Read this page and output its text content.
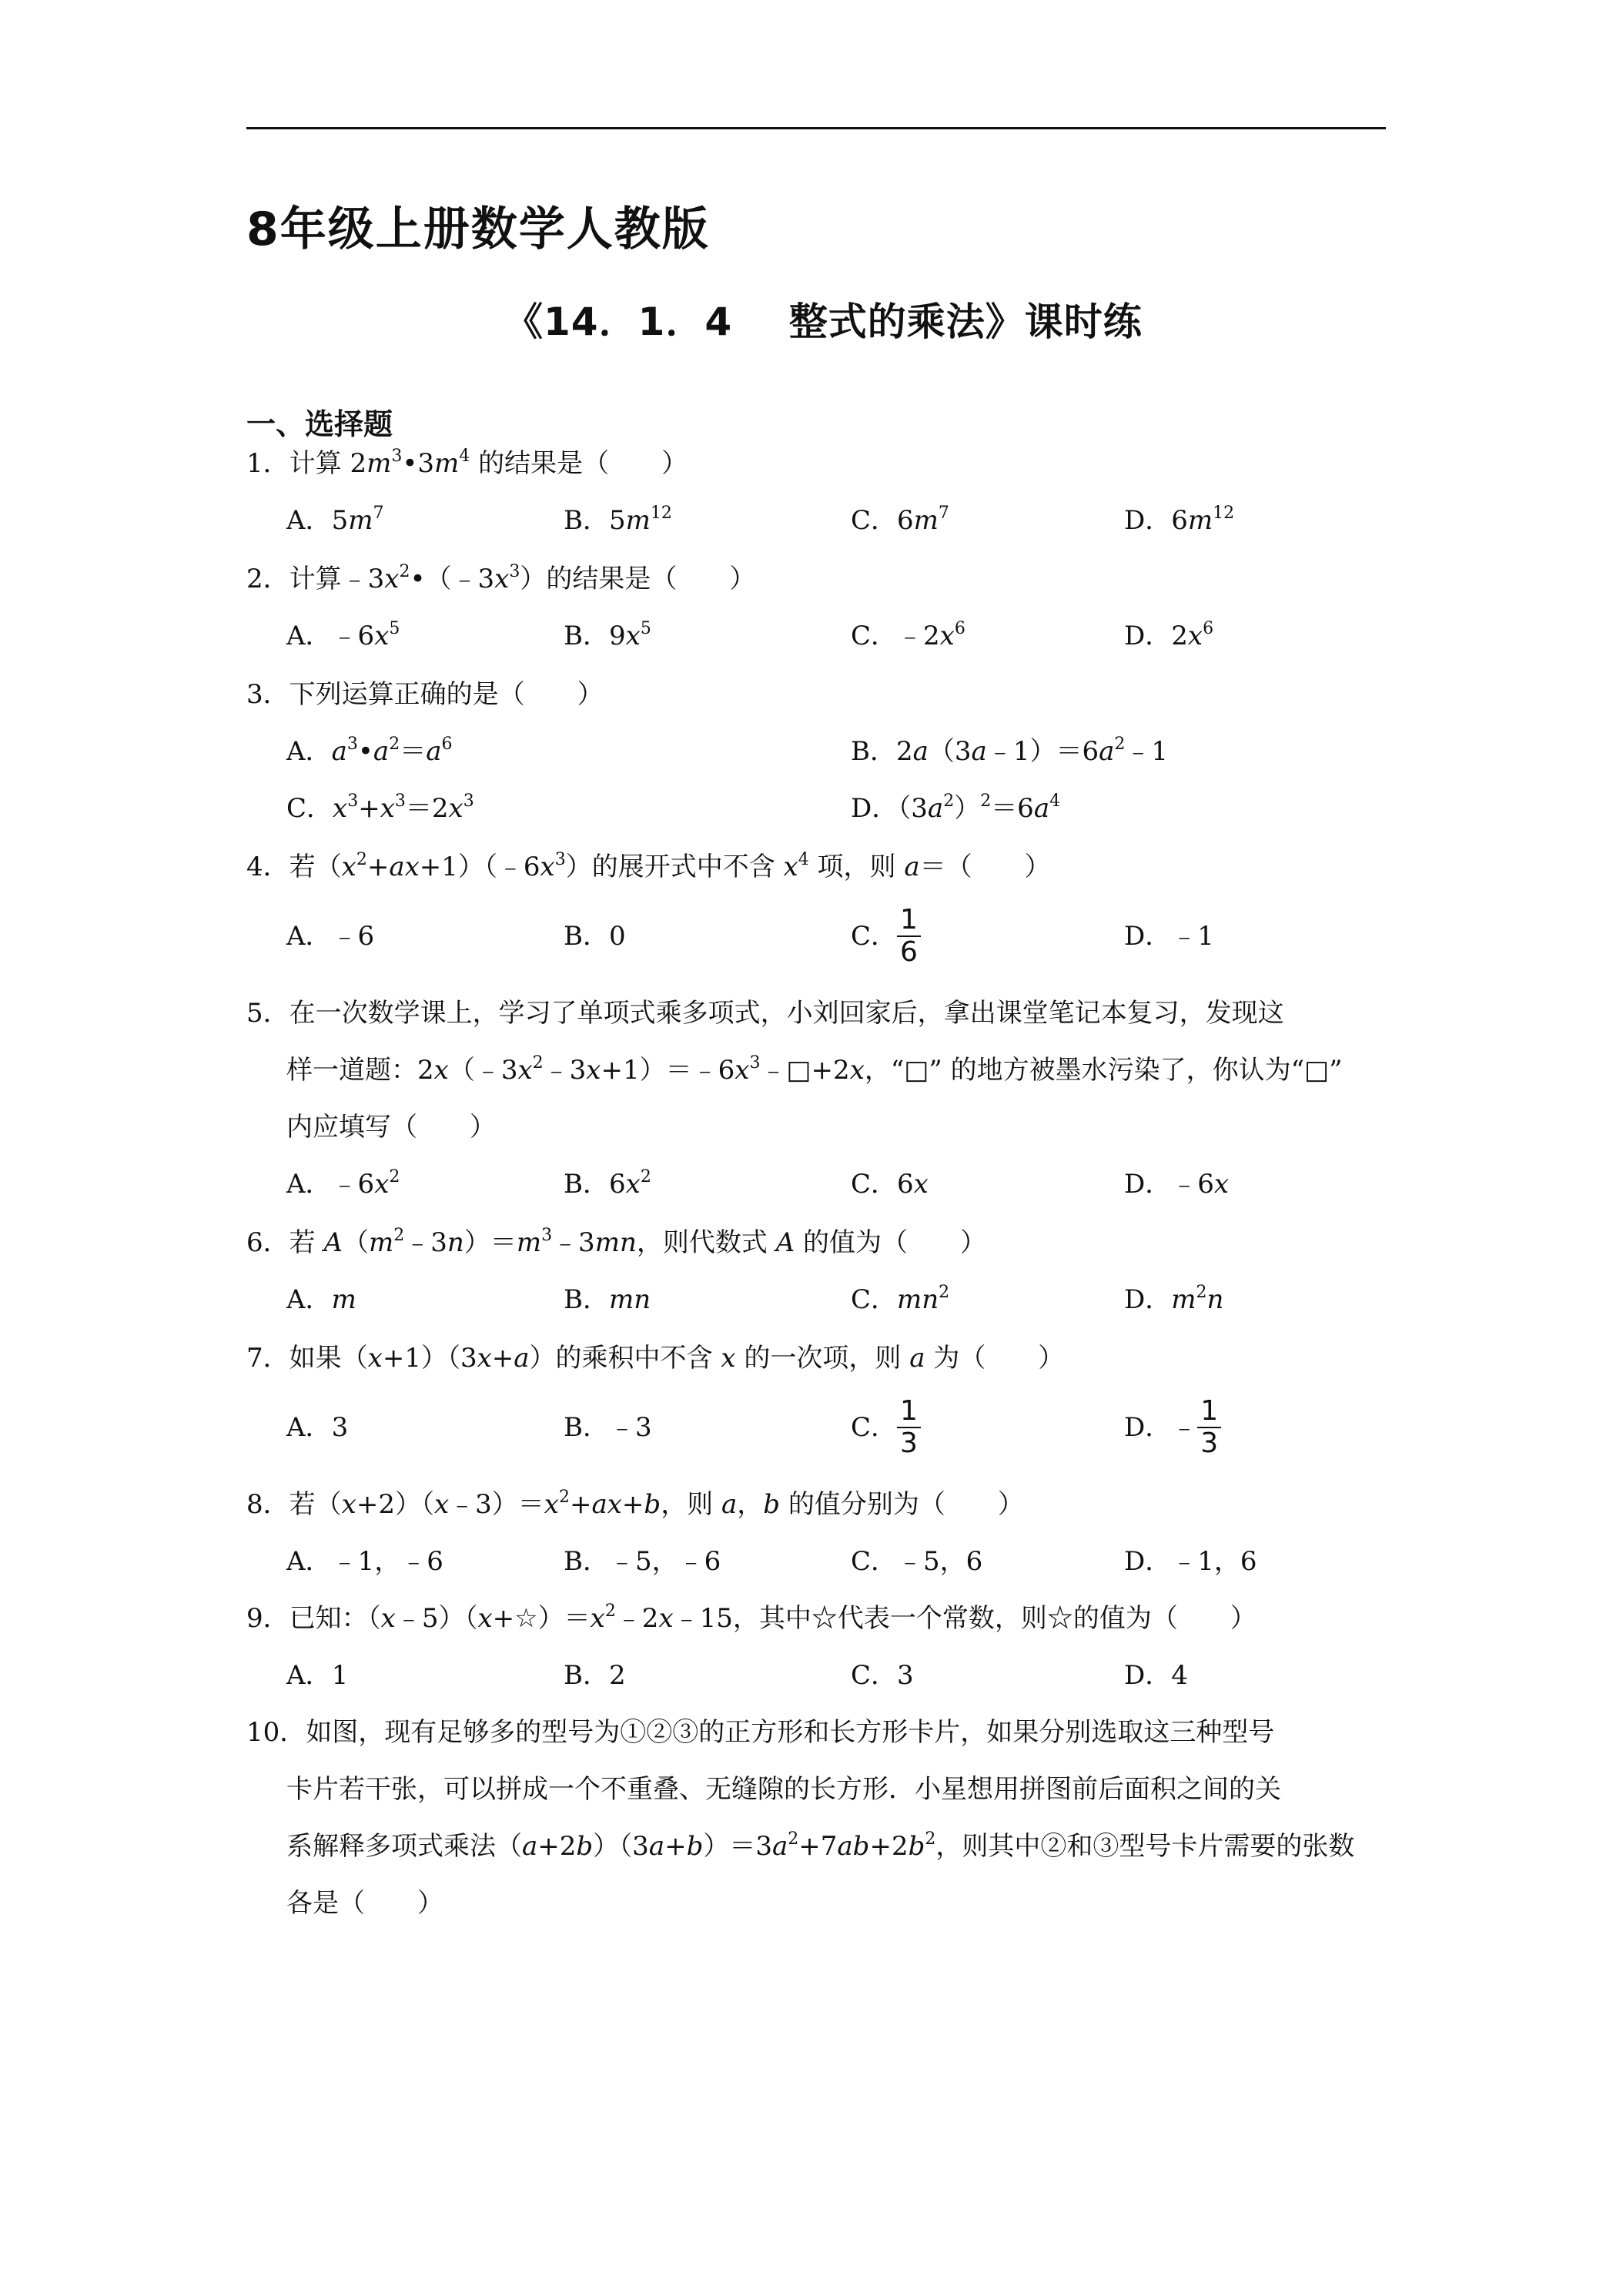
8年级上册数学人教版
《14．1．4    整式的乘法》课时练
一、选择题
1．计算 $2m^3•3m^4$ 的结果是（　　）
A．$5m^7$	B．$5m^{12}$	C．$6m^7$	D．$6m^{12}$
2．计算$﹣3x^2•(﹣3x^3)$的结果是（　　）
A．$﹣6x^5$	B．$9x^5$	C．$﹣2x^6$	D．$2x^6$
3．下列运算正确的是（　　）
A．$a^3•a^2=a^6$	B．$2a(3a﹣1)=6a^2﹣1$
C．$x^3+x^3=2x^3$	D．$(3a^2)^2=6a^4$
4．若$(x^2+ax+1)(﹣6x^3)$的展开式中不含 $x^4$ 项，则 a＝（　　）
A．﹣6	B．0	C． $\frac{1}{6}$	D．﹣1
5．在一次数学课上，学习了单项式乘多项式，小刘回家后，拿出课堂笔记本复习，发现这
样一道题：$2x(﹣3x^2﹣3x+1)=﹣6x^3﹣□+2x$，“□” 的地方被墨水污染了，你认为“□”
内应填写（　　）
A．$﹣6x^2$	B．$6x^2$	C．6x	D．﹣6x
6．若 $A(m^2﹣3n)=m^3﹣3mn$，则代数式 A 的值为（　　）
A．m	B．mn	C．$mn^2$	D．$m^2n$
7．如果（x+1）（3x+a）的乘积中不含 x 的一次项，则 a 为（　　）
A．3	B．﹣3	C． $\frac{1}{3}$	D． ﹣ $\frac{1}{3}$
8．若$(x+2)(x﹣3)=x^2+ax+b$，则 a，b 的值分别为（　　）
A．﹣1，﹣6	B．﹣5，﹣6	C．﹣5，6	D．﹣1，6
9．已知：$(x﹣5)(x+☆)=x^2﹣2x﹣15$，其中☆代表一个常数，则☆的值为（　　）
A．1	B．2	C．3	D．4
10．如图，现有足够多的型号为①②③的正方形和长方形卡片，如果分别选取这三种型号
卡片若干张，可以拼成一个不重叠、无缝隙的长方形．小星想用拼图前后面积之间的关
系解释多项式乘法$(a+2b)(3a+b)=3a^2+7ab+2b^2$，则其中②和③型号卡片需要的张数
各是（　　）
